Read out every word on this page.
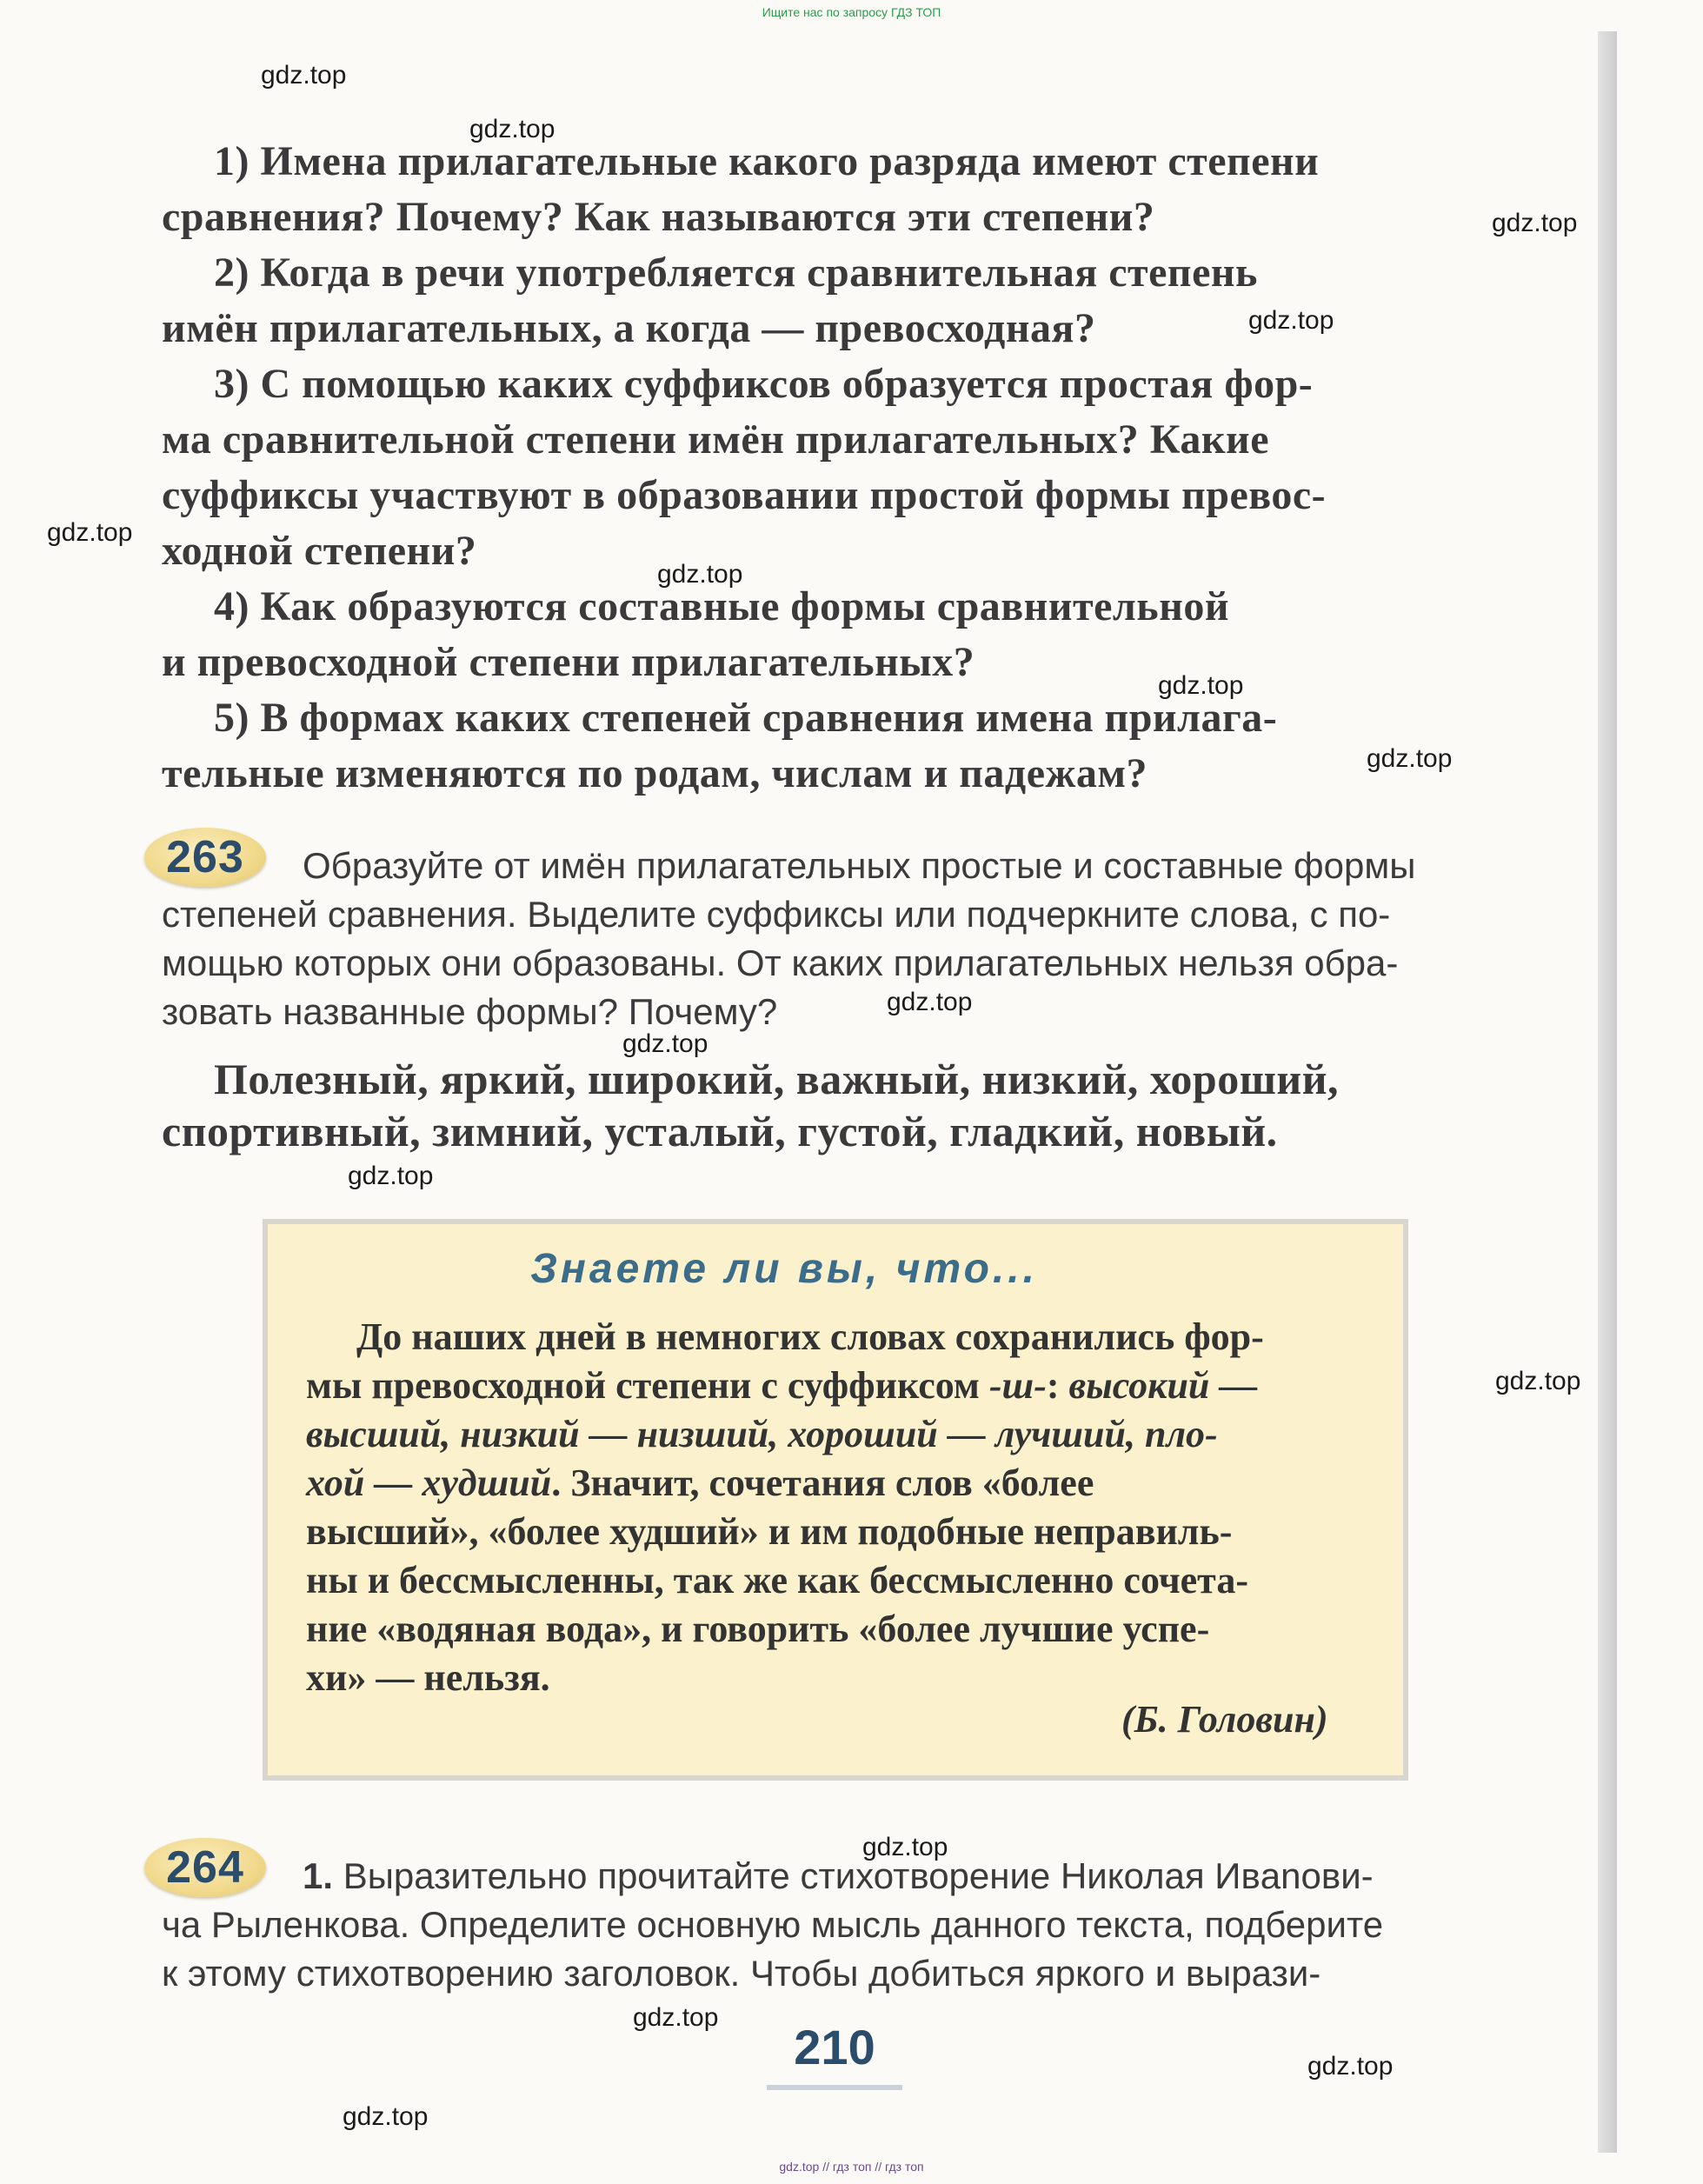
Ищите нас по запросу ГДЗ ТОП
gdz.top
gdz.top
gdz.top
gdz.top
gdz.top
gdz.top
gdz.top
gdz.top
gdz.top
gdz.top
gdz.top
gdz.top
gdz.top
gdz.top
gdz.top
gdz.top
1) Имена прилагательные какого разряда имеют степени
сравнения? Почему? Как называются эти степени?
2) Когда в речи употребляется сравнительная степень
имён прилагательных, а когда — превосходная?
3) С помощью каких суффиксов образуется простая фор-
ма сравнительной степени имён прилагательных? Какие
суффиксы участвуют в образовании простой формы превос-
ходной степени?
4) Как образуются составные формы сравнительной
и превосходной степени прилагательных?
5) В формах каких степеней сравнения имена прилага-
тельные изменяются по родам, числам и падежам?
263	Образуйте от имён прилагательных простые и составные формы
степеней сравнения. Выделите суффиксы или подчеркните слова, с по-
мощью которых они образованы. От каких прилагательных нельзя обра-
зовать названные формы? Почему?
Полезный, яркий, широкий, важный, низкий, хороший,
спортивный, зимний, усталый, густой, гладкий, новый.
Знаете ли вы, что...
До наших дней в немногих словах сохранились фор-
мы превосходной степени с суффиксом -ш-: высокий —
высший, низкий — низший, хороший — лучший, пло-
хой — худший. Значит, сочетания слов «более
высший», «более худший» и им подобные неправиль-
ны и бессмысленны, так же как бессмысленно сочета-
ние «водяная вода», и говорить «более лучшие успе-
хи» — нельзя.
(Б. Головин)
264	1. Выразительно прочитайте стихотворение Николая Ивanови-
ча Рыленкова. Определите основную мысль данного текста, подберите
к этому стихотворению заголовок. Чтобы добиться яркого и вырази-
210
gdz.top // гдз топ // гдз топ
